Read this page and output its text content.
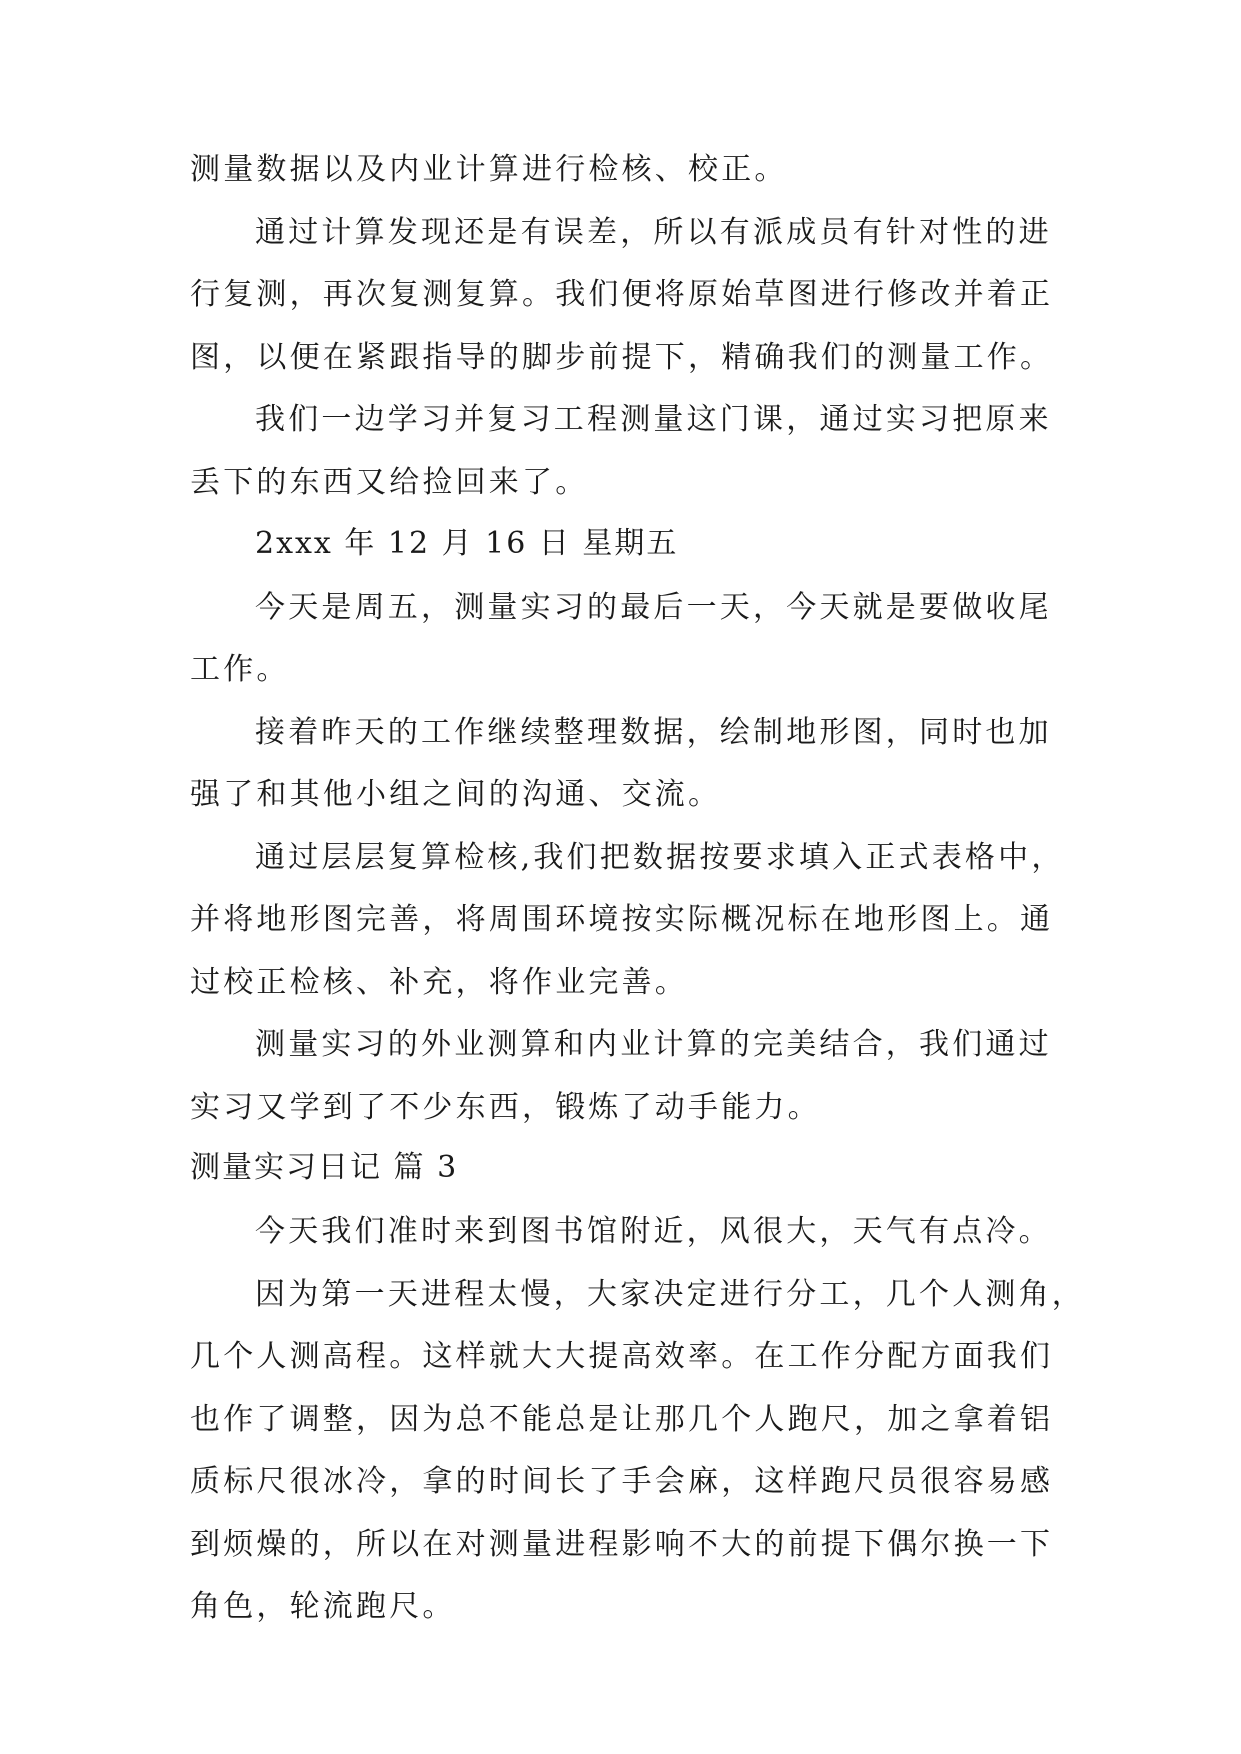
测量数据以及内业计算进行检核、校正。
通过计算发现还是有误差，所以有派成员有针对性的进
行复测，再次复测复算。我们便将原始草图进行修改并着正
图，以便在紧跟指导的脚步前提下，精确我们的测量工作。
我们一边学习并复习工程测量这门课，通过实习把原来
丢下的东西又给捡回来了。
2xxx 年 12 月 16 日 星期五
今天是周五，测量实习的最后一天，今天就是要做收尾
工作。
接着昨天的工作继续整理数据，绘制地形图，同时也加
强了和其他小组之间的沟通、交流。
通过层层复算检核,我们把数据按要求填入正式表格中，
并将地形图完善，将周围环境按实际概况标在地形图上。通
过校正检核、补充，将作业完善。
测量实习的外业测算和内业计算的完美结合，我们通过
实习又学到了不少东西，锻炼了动手能力。
测量实习日记 篇 3
今天我们准时来到图书馆附近，风很大，天气有点冷。
因为第一天进程太慢，大家决定进行分工，几个人测角，
几个人测高程。这样就大大提高效率。在工作分配方面我们
也作了调整，因为总不能总是让那几个人跑尺，加之拿着铝
质标尺很冰冷，拿的时间长了手会麻，这样跑尺员很容易感
到烦燥的，所以在对测量进程影响不大的前提下偶尔换一下
角色，轮流跑尺。
